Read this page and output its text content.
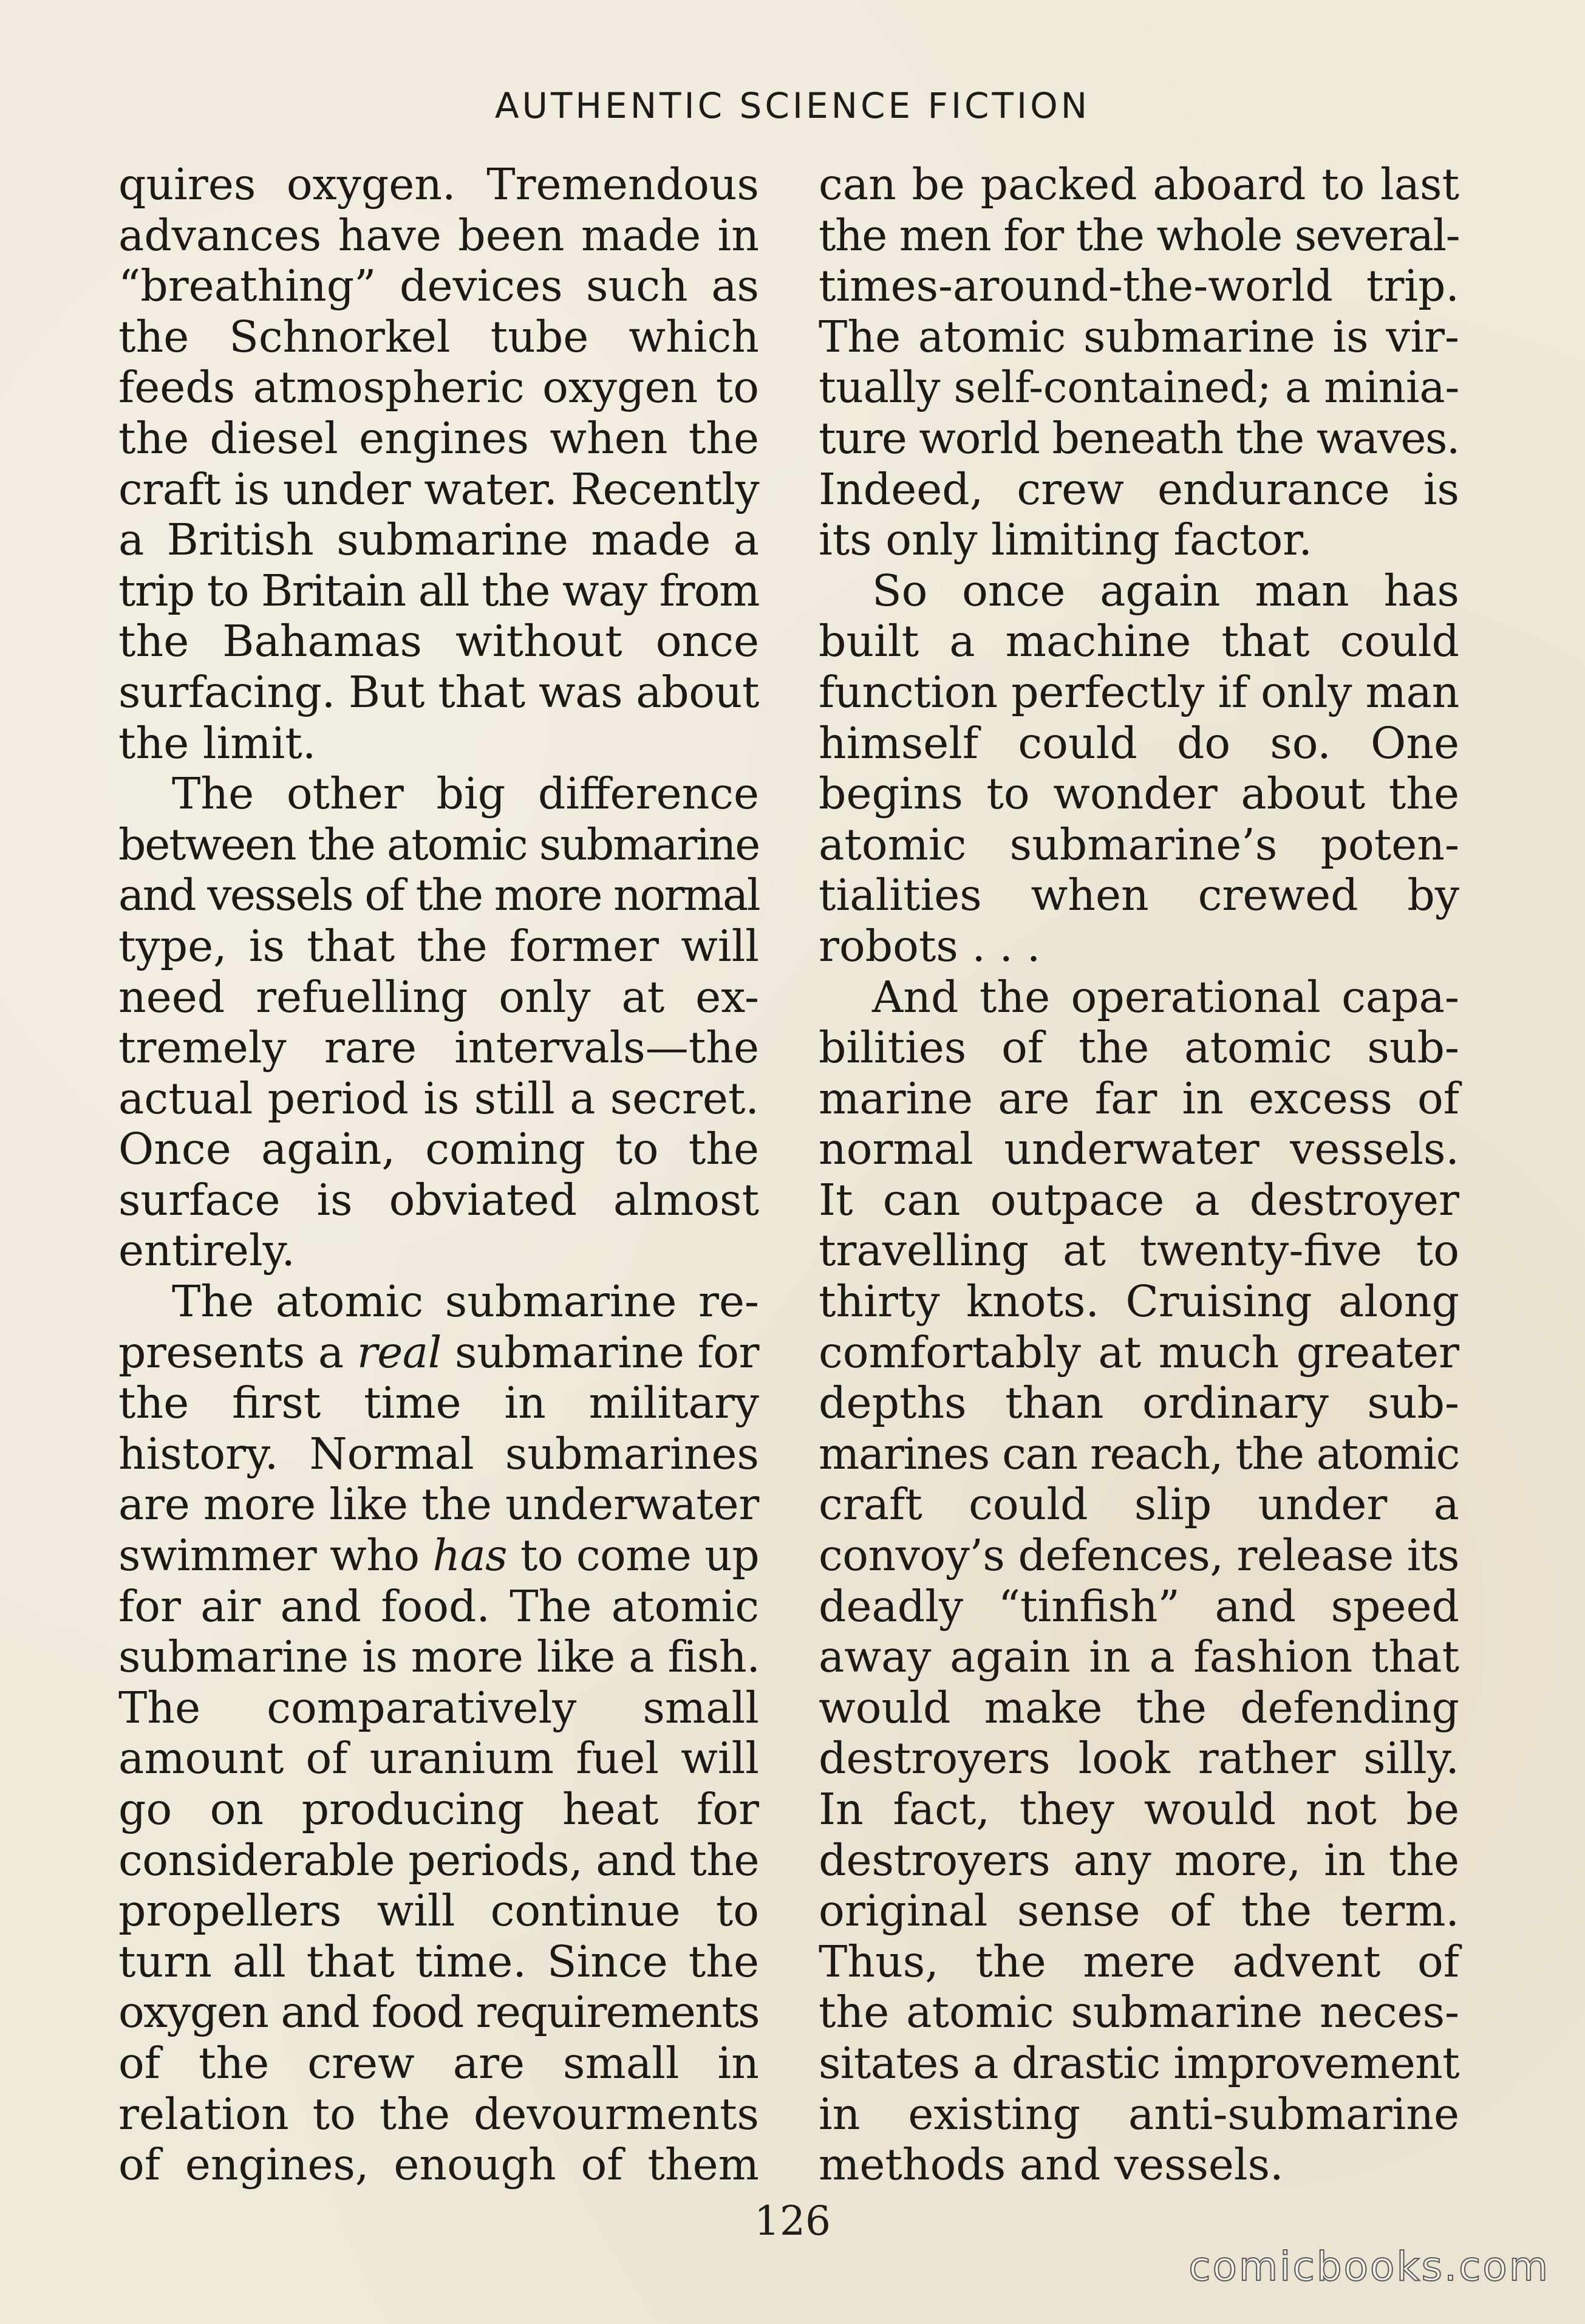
AUTHENTIC SCIENCE FICTION
quires oxygen. Tremendous
advances have been made in
“breathing” devices such as
the Schnorkel tube which
feeds atmospheric oxygen to
the diesel engines when the
craft is under water. Recently
a British submarine made a
trip to Britain all the way from
the Bahamas without once
surfacing. But that was about
the limit.
The other big difference
between the atomic submarine
and vessels of the more normal
type, is that the former will
need refuelling only at ex-
tremely rare intervals—the
actual period is still a secret.
Once again, coming to the
surface is obviated almost
entirely.
The atomic submarine re-
presents a real submarine for
the first time in military
history. Normal submarines
are more like the underwater
swimmer who has to come up
for air and food. The atomic
submarine is more like a fish.
The comparatively small
amount of uranium fuel will
go on producing heat for
considerable periods, and the
propellers will continue to
turn all that time. Since the
oxygen and food requirements
of the crew are small in
relation to the devourments
of engines, enough of them
can be packed aboard to last
the men for the whole several-
times-around-the-world trip.
The atomic submarine is vir-
tually self-contained; a minia-
ture world beneath the waves.
Indeed, crew endurance is
its only limiting factor.
So once again man has
built a machine that could
function perfectly if only man
himself could do so. One
begins to wonder about the
atomic submarine’s poten-
tialities when crewed by
robots . . .
And the operational capa-
bilities of the atomic sub-
marine are far in excess of
normal underwater vessels.
It can outpace a destroyer
travelling at twenty-five to
thirty knots. Cruising along
comfortably at much greater
depths than ordinary sub-
marines can reach, the atomic
craft could slip under a
convoy’s defences, release its
deadly “tinfish” and speed
away again in a fashion that
would make the defending
destroyers look rather silly.
In fact, they would not be
destroyers any more, in the
original sense of the term.
Thus, the mere advent of
the atomic submarine neces-
sitates a drastic improvement
in existing anti-submarine
methods and vessels.
126
comicbooks.com
